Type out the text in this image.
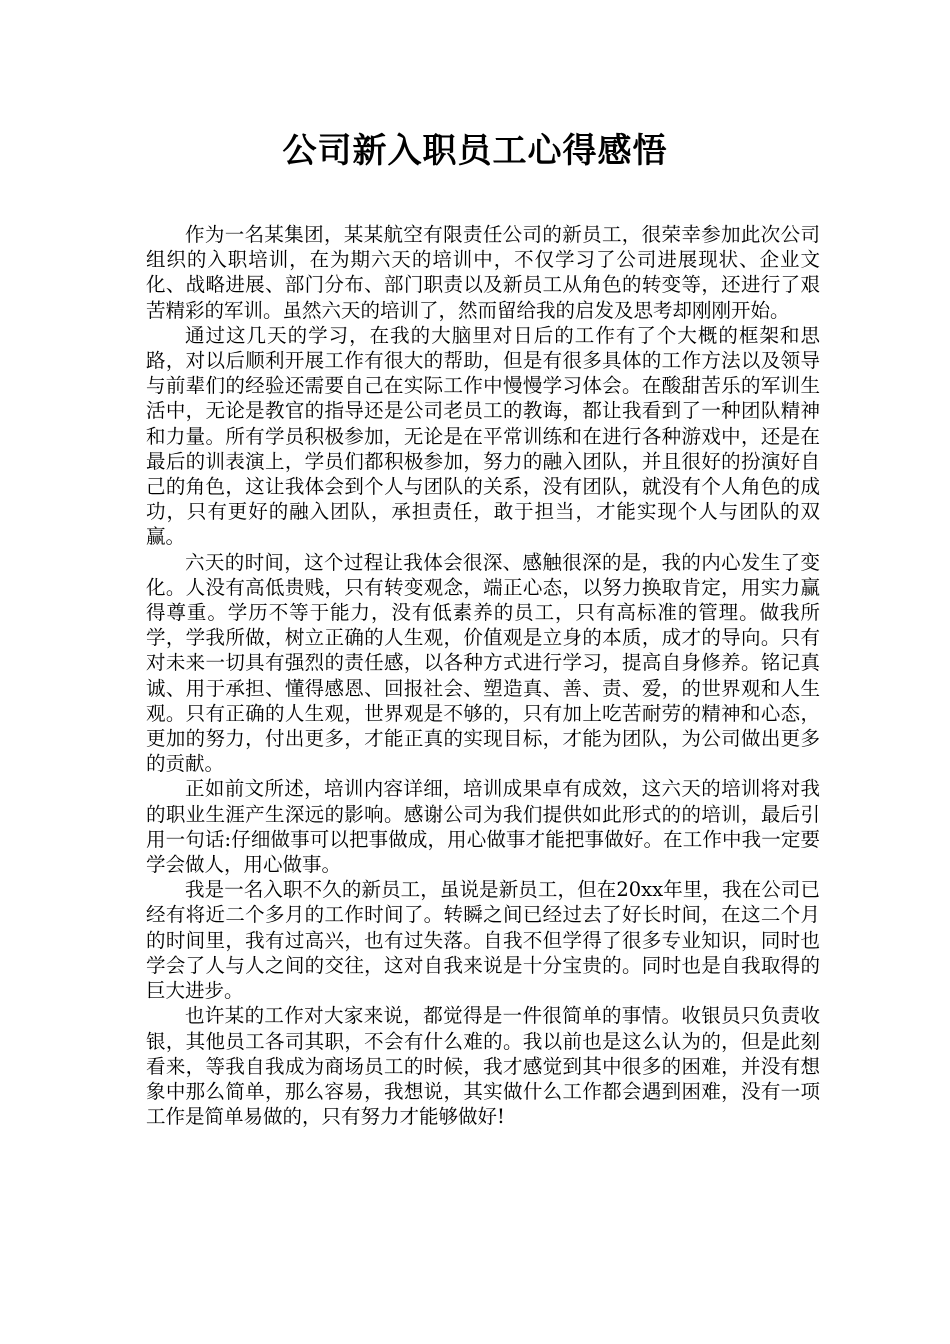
公司新入职员工心得感悟

作为一名某集团，某某航空有限责任公司的新员工，很荣幸参加此次公司组织的入职培训，在为期六天的培训中，不仅学习了公司进展现状、企业文化、战略进展、部门分布、部门职责以及新员工从角色的转变等，还进行了艰苦精彩的军训。虽然六天的培训了，然而留给我的启发及思考却刚刚开始。

通过这几天的学习，在我的大脑里对日后的工作有了个大概的框架和思路，对以后顺利开展工作有很大的帮助，但是有很多具体的工作方法以及领导与前辈们的经验还需要自己在实际工作中慢慢学习体会。在酸甜苦乐的军训生活中，无论是教官的指导还是公司老员工的教诲，都让我看到了一种团队精神和力量。所有学员积极参加，无论是在平常训练和在进行各种游戏中，还是在最后的训表演上，学员们都积极参加，努力的融入团队，并且很好的扮演好自己的角色，这让我体会到个人与团队的关系，没有团队，就没有个人角色的成功，只有更好的融入团队，承担责任，敢于担当，才能实现个人与团队的双赢。

六天的时间，这个过程让我体会很深、感触很深的是，我的内心发生了变化。人没有高低贵贱，只有转变观念，端正心态，以努力换取肯定，用实力赢得尊重。学历不等于能力，没有低素养的员工，只有高标准的管理。做我所学，学我所做，树立正确的人生观，价值观是立身的本质，成才的导向。只有对未来一切具有强烈的责任感，以各种方式进行学习，提高自身修养。铭记真诚、用于承担、懂得感恩、回报社会、塑造真、善、责、爱，的世界观和人生观。只有正确的人生观，世界观是不够的，只有加上吃苦耐劳的精神和心态，更加的努力，付出更多，才能正真的实现目标，才能为团队，为公司做出更多的贡献。

正如前文所述，培训内容详细，培训成果卓有成效，这六天的培训将对我的职业生涯产生深远的影响。感谢公司为我们提供如此形式的的培训，最后引用一句话:仔细做事可以把事做成，用心做事才能把事做好。在工作中我一定要学会做人，用心做事。

我是一名入职不久的新员工，虽说是新员工，但在20xx年里，我在公司已经有将近二个多月的工作时间了。转瞬之间已经过去了好长时间，在这二个月的时间里，我有过高兴，也有过失落。自我不但学得了很多专业知识，同时也学会了人与人之间的交往，这对自我来说是十分宝贵的。同时也是自我取得的巨大进步。

也许某的工作对大家来说，都觉得是一件很简单的事情。收银员只负责收银，其他员工各司其职，不会有什么难的。我以前也是这么认为的，但是此刻看来，等我自我成为商场员工的时候，我才感觉到其中很多的困难，并没有想象中那么简单，那么容易，我想说，其实做什么工作都会遇到困难，没有一项工作是简单易做的，只有努力才能够做好!
